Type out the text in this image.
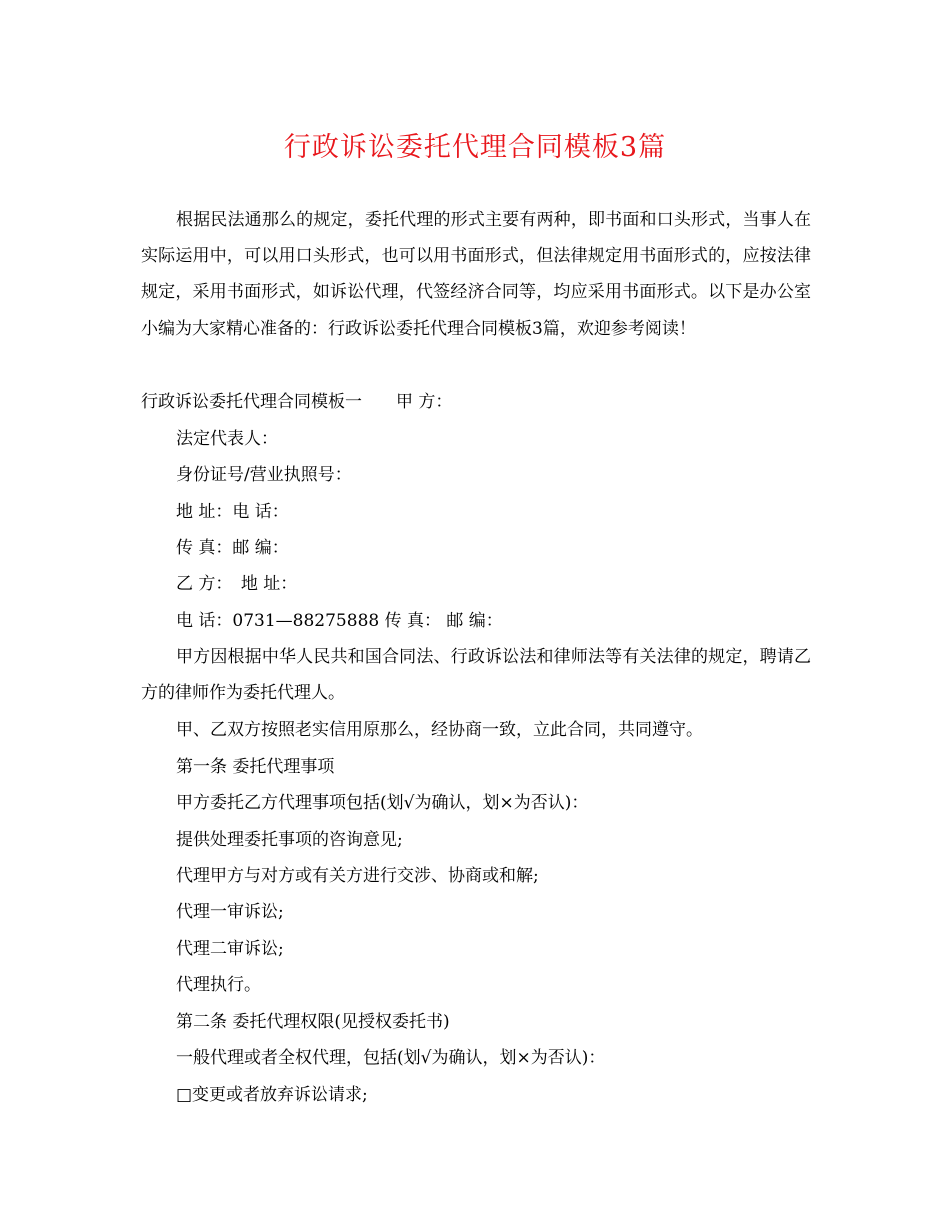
行政诉讼委托代理合同模板3篇
根据民法通那么的规定，委托代理的形式主要有两种，即书面和口头形式，当事人在实际运用中，可以用口头形式，也可以用书面形式，但法律规定用书面形式的，应按法律规定，采用书面形式，如诉讼代理，代签经济合同等，均应采用书面形式。以下是办公室小编为大家精心准备的：行政诉讼委托代理合同模板3篇，欢迎参考阅读！
行政诉讼委托代理合同模板一　　甲 方：
法定代表人：
身份证号/营业执照号：
地 址：电 话：
传 真：邮 编：
乙 方：　地 址：
电 话：0731—88275888 传 真： 邮 编：
甲方因根据中华人民共和国合同法、行政诉讼法和律师法等有关法律的规定，聘请乙方的律师作为委托代理人。
甲、乙双方按照老实信用原那么，经协商一致，立此合同，共同遵守。
第一条 委托代理事项
甲方委托乙方代理事项包括(划√为确认，划×为否认)：
提供处理委托事项的咨询意见;
代理甲方与对方或有关方进行交涉、协商或和解;
代理一审诉讼;
代理二审诉讼;
代理执行。
第二条 委托代理权限(见授权委托书)
一般代理或者全权代理，包括(划√为确认，划×为否认)：
□变更或者放弃诉讼请求;
